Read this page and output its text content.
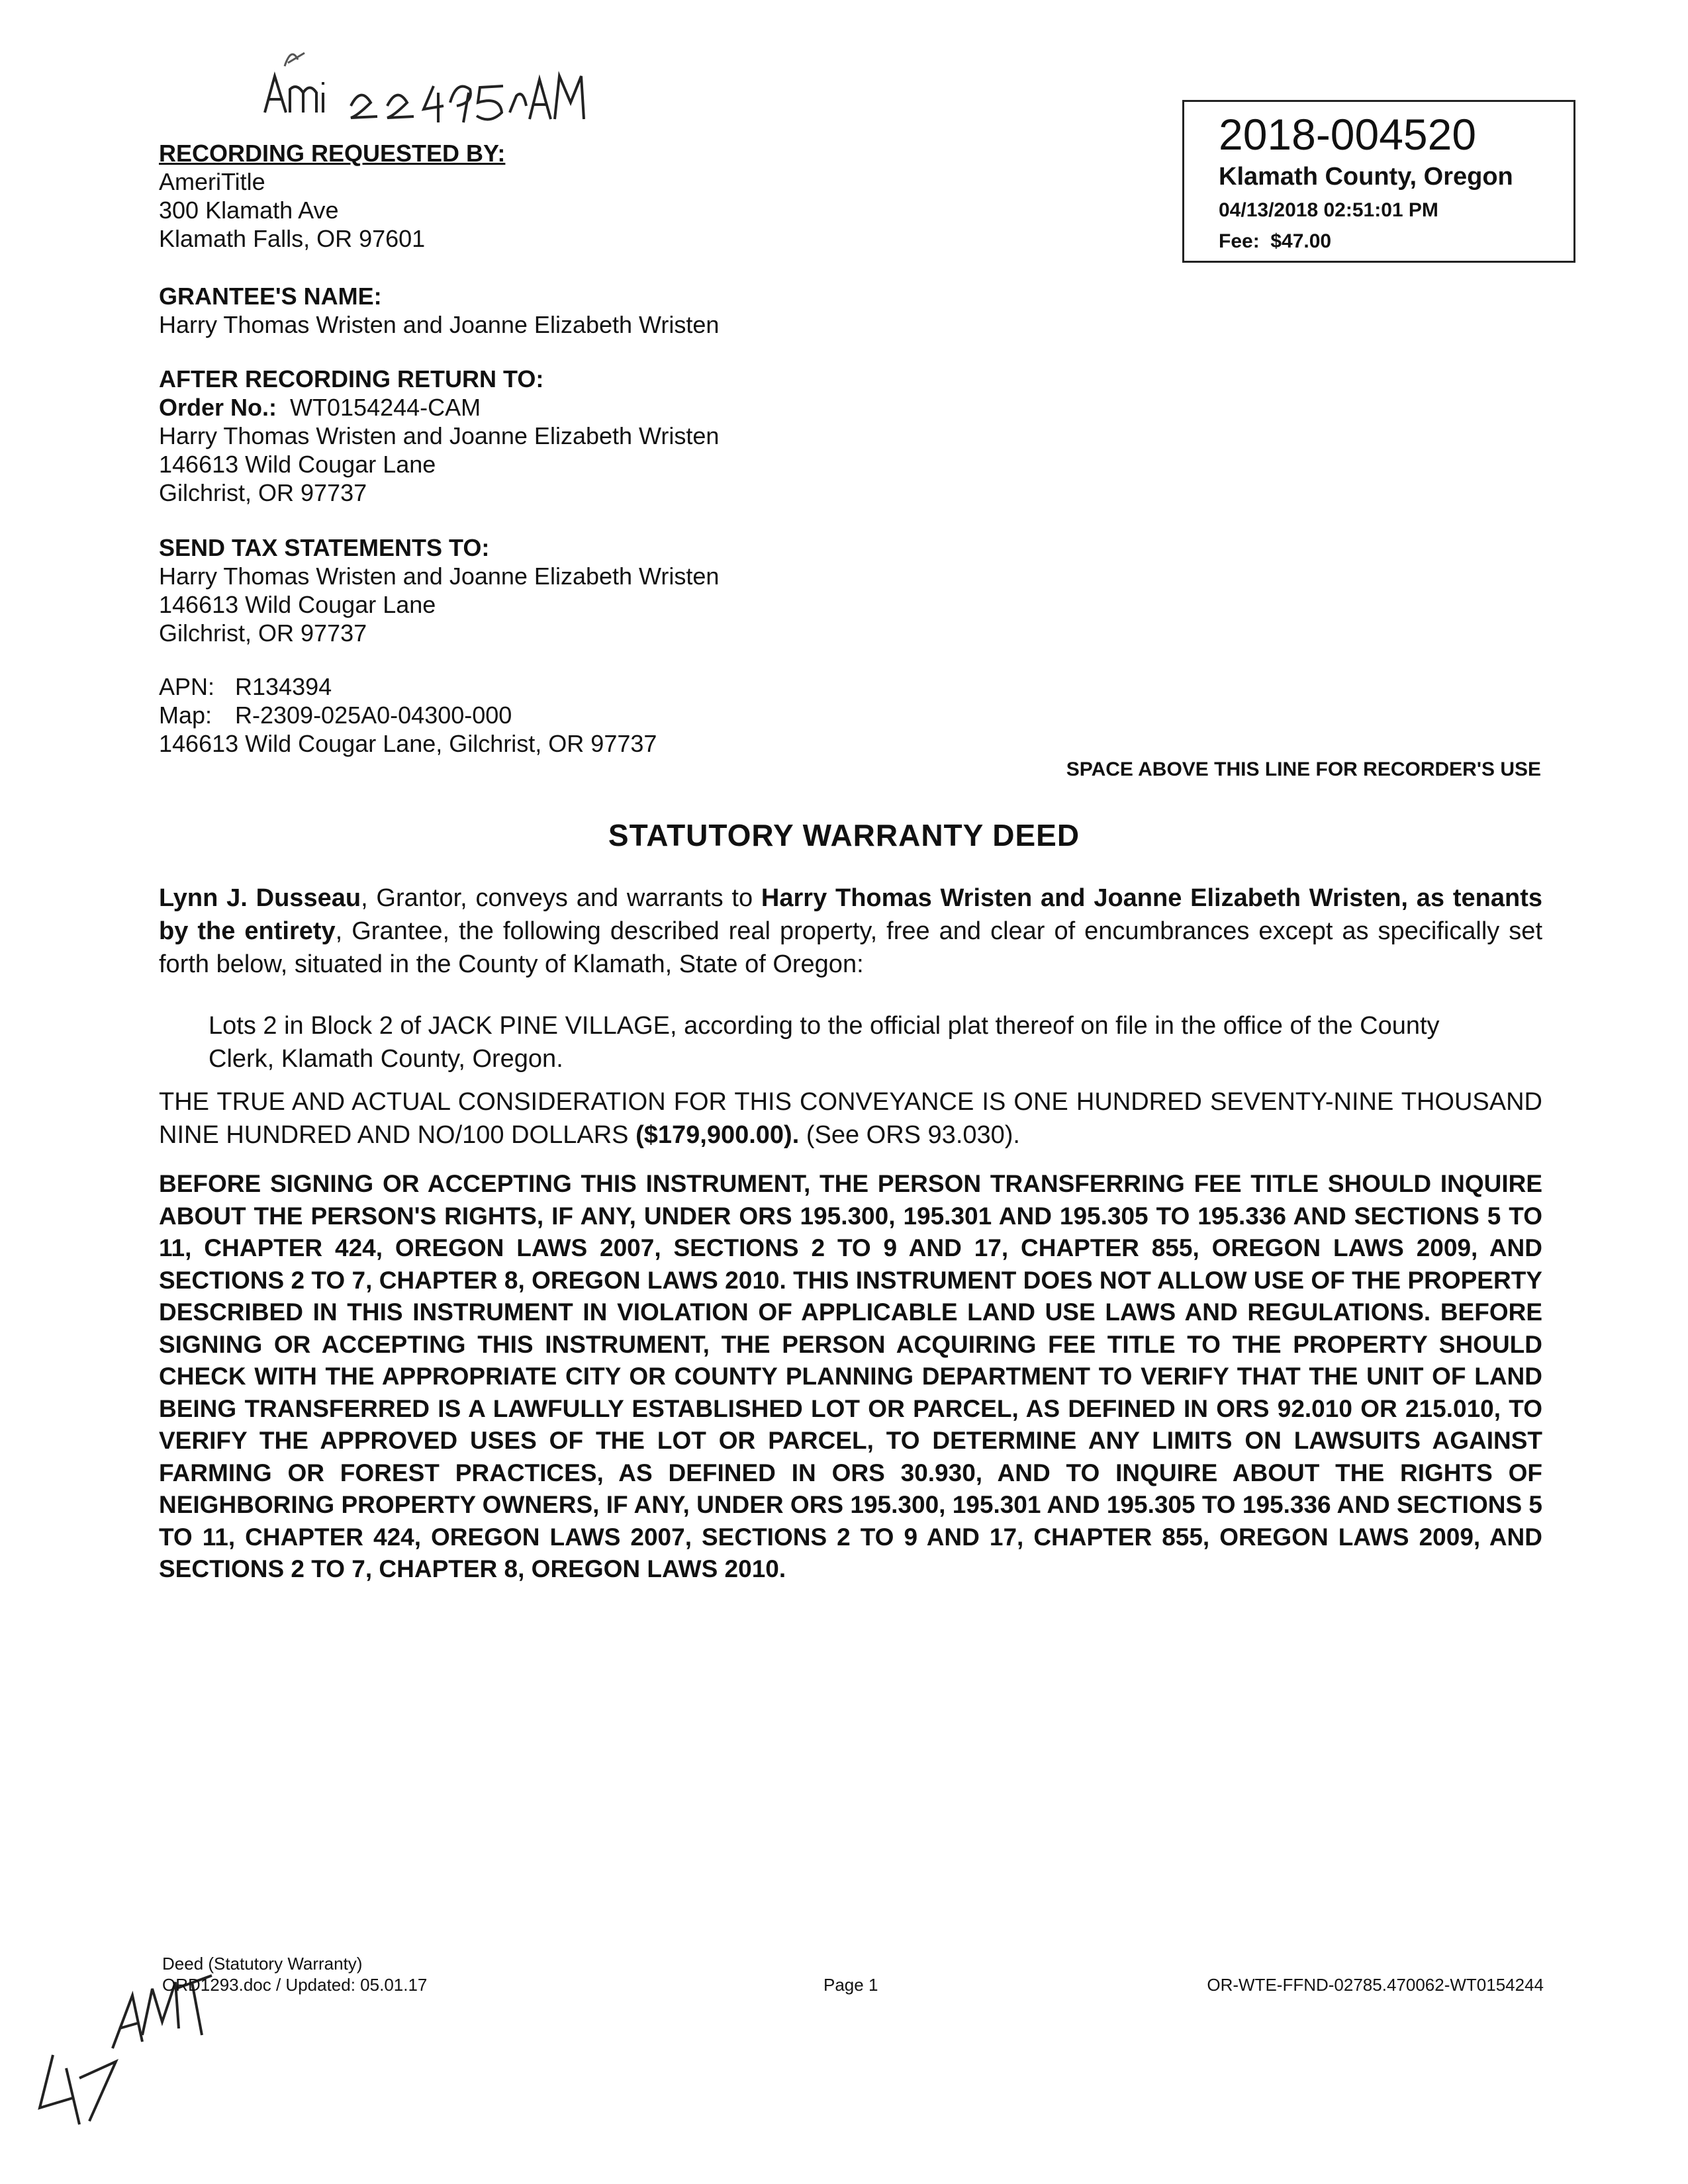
RECORDING REQUESTED BY:
AmeriTitle
300 Klamath Ave
Klamath Falls, OR 97601
2018-004520
Klamath County, Oregon
04/13/2018 02:51:01 PM
Fee: $47.00
GRANTEE'S NAME:
Harry Thomas Wristen and Joanne Elizabeth Wristen
AFTER RECORDING RETURN TO:
Order No.: WT0154244-CAM
Harry Thomas Wristen and Joanne Elizabeth Wristen
146613 Wild Cougar Lane
Gilchrist, OR 97737
SEND TAX STATEMENTS TO:
Harry Thomas Wristen and Joanne Elizabeth Wristen
146613 Wild Cougar Lane
Gilchrist, OR 97737
APN: R134394
Map: R-2309-025A0-04300-000
146613 Wild Cougar Lane, Gilchrist, OR 97737
SPACE ABOVE THIS LINE FOR RECORDER'S USE
STATUTORY WARRANTY DEED
Lynn J. Dusseau, Grantor, conveys and warrants to Harry Thomas Wristen and Joanne Elizabeth Wristen, as tenants by the entirety, Grantee, the following described real property, free and clear of encumbrances except as specifically set forth below, situated in the County of Klamath, State of Oregon:
Lots 2 in Block 2 of JACK PINE VILLAGE, according to the official plat thereof on file in the office of the County Clerk, Klamath County, Oregon.
THE TRUE AND ACTUAL CONSIDERATION FOR THIS CONVEYANCE IS ONE HUNDRED SEVENTY-NINE THOUSAND NINE HUNDRED AND NO/100 DOLLARS ($179,900.00). (See ORS 93.030).
BEFORE SIGNING OR ACCEPTING THIS INSTRUMENT, THE PERSON TRANSFERRING FEE TITLE SHOULD INQUIRE ABOUT THE PERSON'S RIGHTS, IF ANY, UNDER ORS 195.300, 195.301 AND 195.305 TO 195.336 AND SECTIONS 5 TO 11, CHAPTER 424, OREGON LAWS 2007, SECTIONS 2 TO 9 AND 17, CHAPTER 855, OREGON LAWS 2009, AND SECTIONS 2 TO 7, CHAPTER 8, OREGON LAWS 2010. THIS INSTRUMENT DOES NOT ALLOW USE OF THE PROPERTY DESCRIBED IN THIS INSTRUMENT IN VIOLATION OF APPLICABLE LAND USE LAWS AND REGULATIONS. BEFORE SIGNING OR ACCEPTING THIS INSTRUMENT, THE PERSON ACQUIRING FEE TITLE TO THE PROPERTY SHOULD CHECK WITH THE APPROPRIATE CITY OR COUNTY PLANNING DEPARTMENT TO VERIFY THAT THE UNIT OF LAND BEING TRANSFERRED IS A LAWFULLY ESTABLISHED LOT OR PARCEL, AS DEFINED IN ORS 92.010 OR 215.010, TO VERIFY THE APPROVED USES OF THE LOT OR PARCEL, TO DETERMINE ANY LIMITS ON LAWSUITS AGAINST FARMING OR FOREST PRACTICES, AS DEFINED IN ORS 30.930, AND TO INQUIRE ABOUT THE RIGHTS OF NEIGHBORING PROPERTY OWNERS, IF ANY, UNDER ORS 195.300, 195.301 AND 195.305 TO 195.336 AND SECTIONS 5 TO 11, CHAPTER 424, OREGON LAWS 2007, SECTIONS 2 TO 9 AND 17, CHAPTER 855, OREGON LAWS 2009, AND SECTIONS 2 TO 7, CHAPTER 8, OREGON LAWS 2010.
Deed (Statutory Warranty)
ORD1293.doc / Updated: 05.01.17	Page 1	OR-WTE-FFND-02785.470062-WT0154244
